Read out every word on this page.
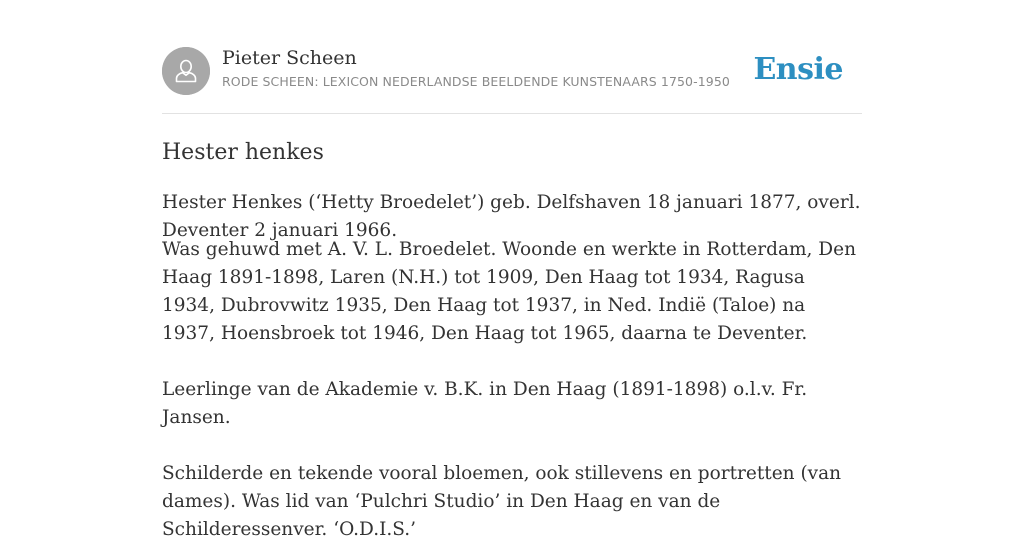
Pieter Scheen
RODE SCHEEN: LEXICON NEDERLANDSE BEELDENDE KUNSTENAARS 1750-1950 Ensie
Hester henkes

Hester Henkes (‘Hetty Broedelet’) geb. Delfshaven 18 januari 1877, overl. Deventer 2 januari 1966.

Was gehuwd met A. V. L. Broedelet. Woonde en werkte in Rotterdam, Den Haag 1891-1898, Laren (N.H.) tot 1909, Den Haag tot 1934, Ragusa 1934, Dubrovwitz 1935, Den Haag tot 1937, in Ned. Indië (Taloe) na 1937, Hoensbroek tot 1946, Den Haag tot 1965, daarna te Deventer.

Leerlinge van de Akademie v. B.K. in Den Haag (1891-1898) o.l.v. Fr. Jansen.

Schilderde en tekende vooral bloemen, ook stillevens en portretten (van dames). Was lid van ‘Pulchri Studio’ in Den Haag en van de Schilderessenver. ‘O.D.I.S.’
